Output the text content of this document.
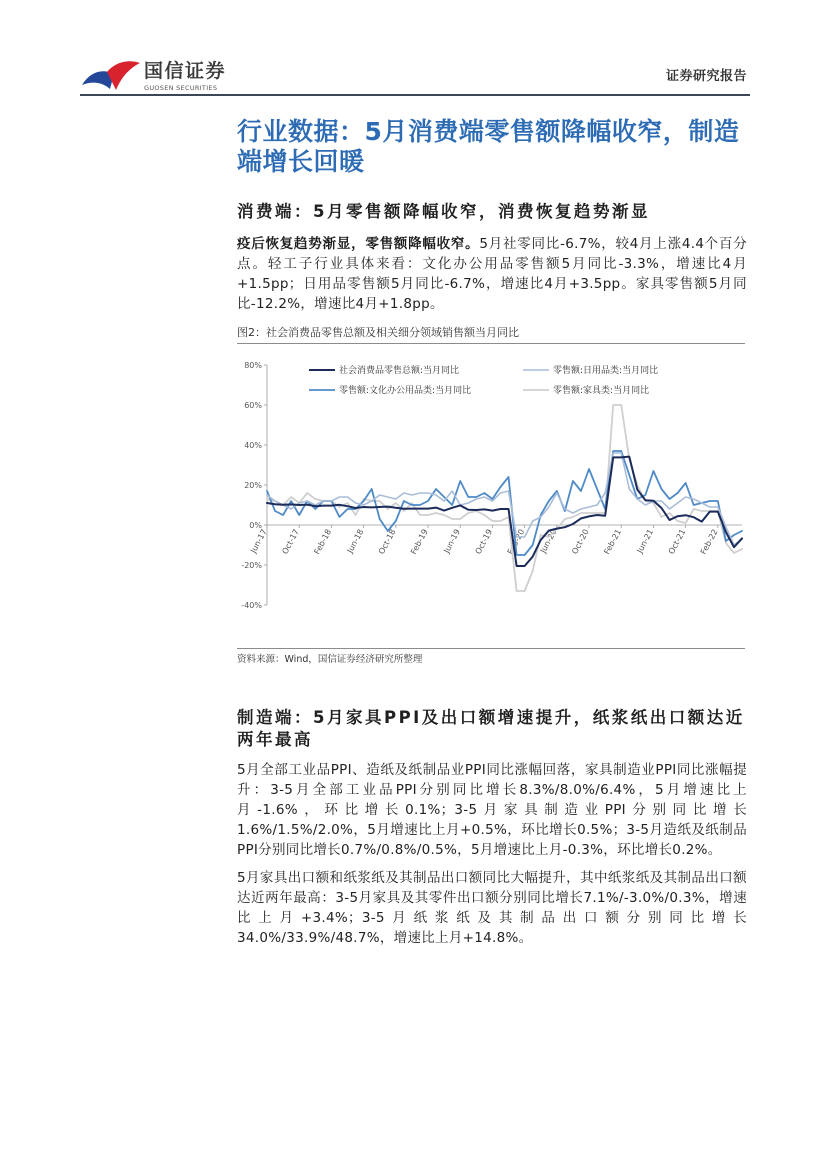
国信证券
GUOSEN SECURITIES
证券研究报告
行业数据：5月消费端零售额降幅收窄，制造端增长回暖
消费端：5月零售额降幅收窄，消费恢复趋势渐显
疫后恢复趋势渐显，零售额降幅收窄。5月社零同比-6.7%，较4月上涨4.4个百分点。轻工子行业具体来看：文化办公用品零售额5月同比-3.3%，增速比4月+1.5pp；日用品零售额5月同比-6.7%，增速比4月+3.5pp。家具零售额5月同比-12.2%，增速比4月+1.8pp。
图2：社会消费品零售总额及相关细分领域销售额当月同比
-40%
-20%
0%
20%
40%
60%
80%
Jun-17 Oct-17 Feb-18 Jun-18 Oct-18 Feb-19 Jun-19 Oct-19 Feb-20 Jun-20 Oct-20 Feb-21 Jun-21 Oct-21 Feb-22
社会消费品零售总额:当月同比	零售额:日用品类:当月同比
零售额:文化办公用品类:当月同比	零售额:家具类:当月同比
资料来源：Wind，国信证券经济研究所整理
制造端：5月家具PPI及出口额增速提升，纸浆纸出口额达近两年最高
5月全部工业品PPI、造纸及纸制品业PPI同比涨幅回落，家具制造业PPI同比涨幅提升：3-5月全部工业品PPI分别同比增长8.3%/8.0%/6.4%，5月增速比上月-1.6%，环比增长0.1%；3-5月家具制造业PPI分别同比增长1.6%/1.5%/2.0%，5月增速比上月+0.5%，环比增长0.5%；3-5月造纸及纸制品PPI分别同比增长0.7%/0.8%/0.5%，5月增速比上月-0.3%，环比增长0.2%。
5月家具出口额和纸浆纸及其制品出口额同比大幅提升，其中纸浆纸及其制品出口额达近两年最高：3-5月家具及其零件出口额分别同比增长7.1%/-3.0%/0.3%，增速比上月+3.4%；3-5月纸浆纸及其制品出口额分别同比增长34.0%/33.9%/48.7%，增速比上月+14.8%。
